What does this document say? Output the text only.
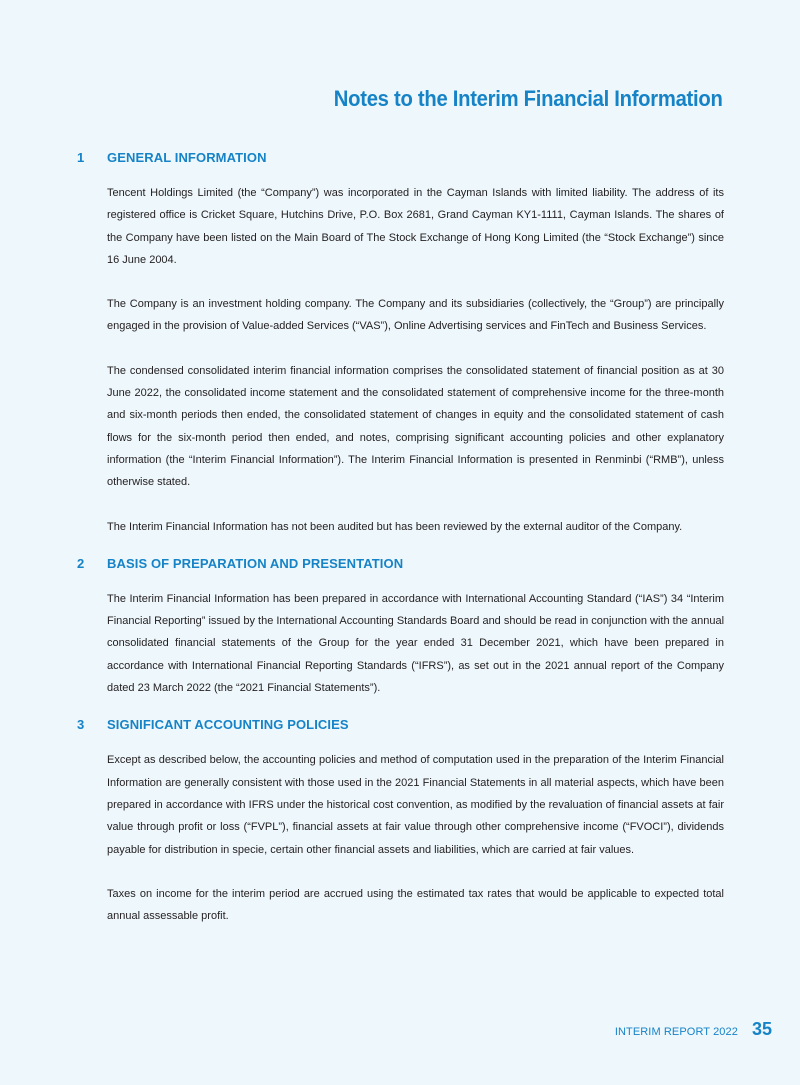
Notes to the Interim Financial Information
1	GENERAL INFORMATION

Tencent Holdings Limited (the “Company”) was incorporated in the Cayman Islands with limited liability. The address of its registered office is Cricket Square, Hutchins Drive, P.O. Box 2681, Grand Cayman KY1-1111, Cayman Islands. The shares of the Company have been listed on the Main Board of The Stock Exchange of Hong Kong Limited (the “Stock Exchange”) since 16 June 2004.

The Company is an investment holding company. The Company and its subsidiaries (collectively, the “Group”) are principally engaged in the provision of Value-added Services (“VAS”), Online Advertising services and FinTech and Business Services.

The condensed consolidated interim financial information comprises the consolidated statement of financial position as at 30 June 2022, the consolidated income statement and the consolidated statement of comprehensive income for the three-month and six-month periods then ended, the consolidated statement of changes in equity and the consolidated statement of cash flows for the six-month period then ended, and notes, comprising significant accounting policies and other explanatory information (the “Interim Financial Information”). The Interim Financial Information is presented in Renminbi (“RMB”), unless otherwise stated.

The Interim Financial Information has not been audited but has been reviewed by the external auditor of the Company.

2	BASIS OF PREPARATION AND PRESENTATION

The Interim Financial Information has been prepared in accordance with International Accounting Standard (“IAS”) 34 “Interim Financial Reporting” issued by the International Accounting Standards Board and should be read in conjunction with the annual consolidated financial statements of the Group for the year ended 31 December 2021, which have been prepared in accordance with International Financial Reporting Standards (“IFRS”), as set out in the 2021 annual report of the Company dated 23 March 2022 (the “2021 Financial Statements”).

3	SIGNIFICANT ACCOUNTING POLICIES

Except as described below, the accounting policies and method of computation used in the preparation of the Interim Financial Information are generally consistent with those used in the 2021 Financial Statements in all material aspects, which have been prepared in accordance with IFRS under the historical cost convention, as modified by the revaluation of financial assets at fair value through profit or loss (“FVPL”), financial assets at fair value through other comprehensive income (“FVOCI”), dividends payable for distribution in specie, certain other financial assets and liabilities, which are carried at fair values.

Taxes on income for the interim period are accrued using the estimated tax rates that would be applicable to expected total annual assessable profit.

INTERIM REPORT 2022 35
